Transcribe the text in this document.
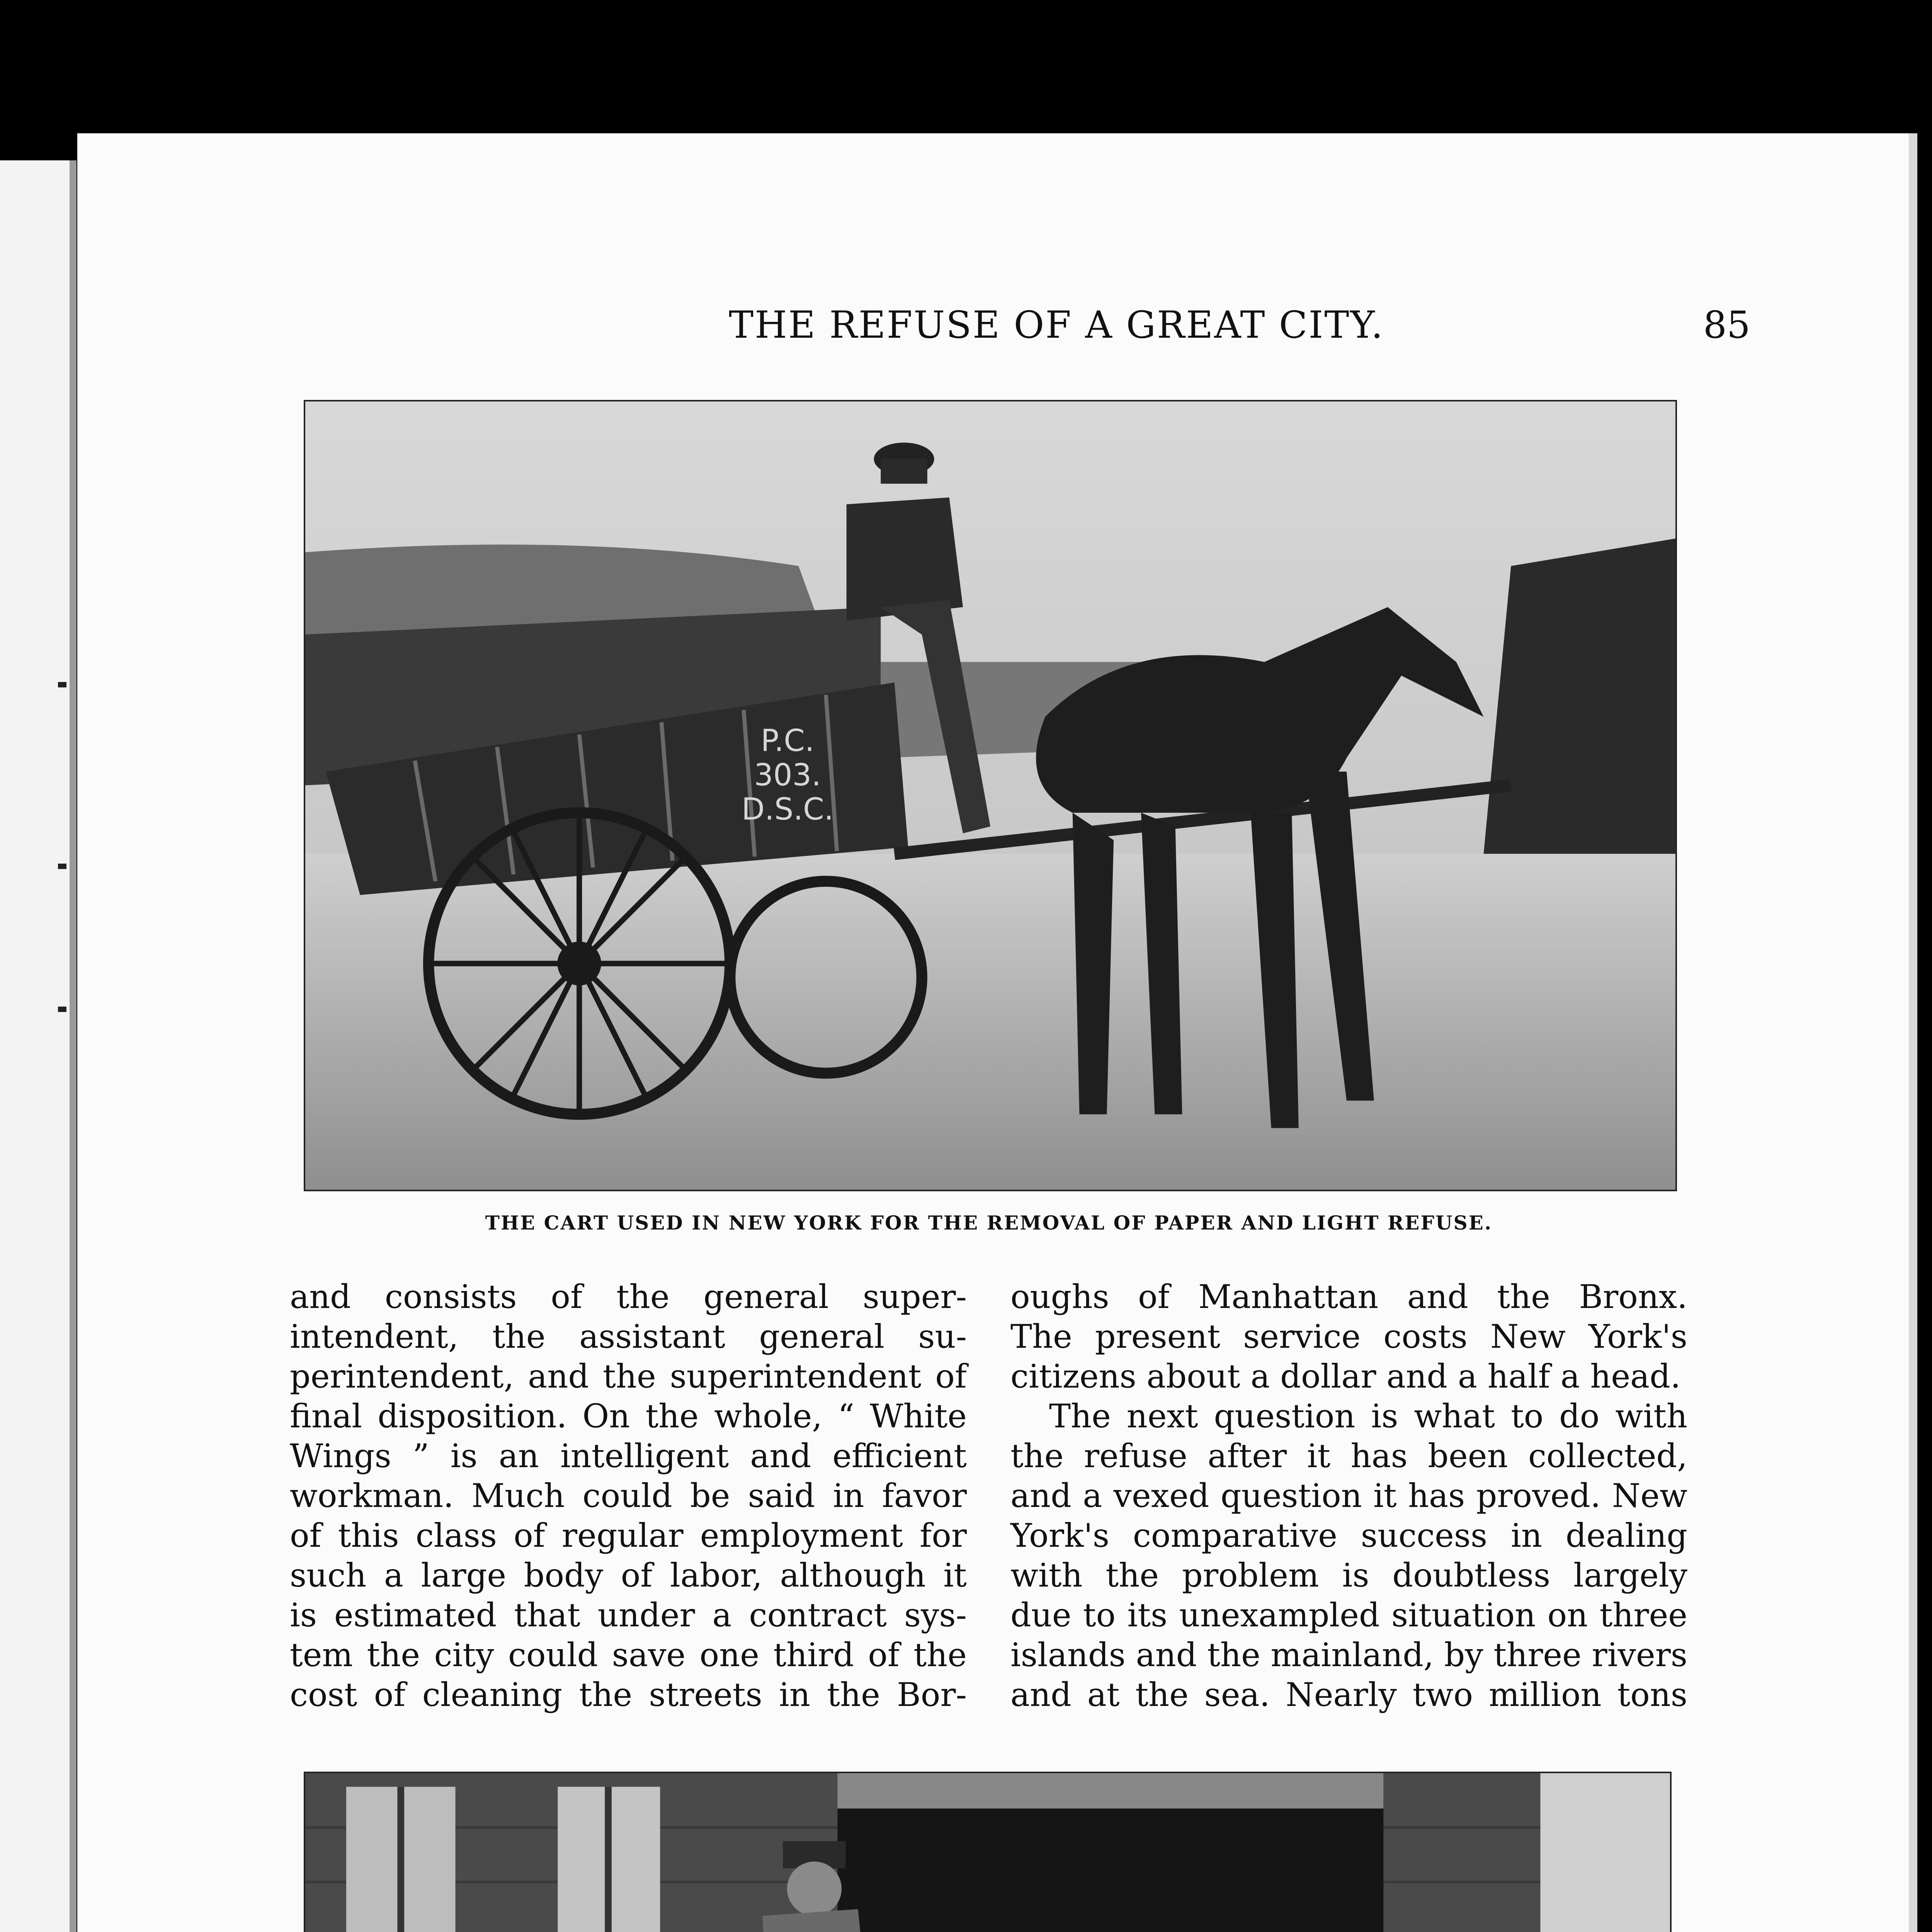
THE REFUSE OF A GREAT CITY.	85
P.C.
303.
D.S.C.
THE CART USED IN NEW YORK FOR THE REMOVAL OF PAPER AND LIGHT REFUSE.

and consists of the general super-

intendent, the assistant general su-

perintendent, and the superintendent of

final disposition. On the whole, “ White

Wings ” is an intelligent and efficient

workman. Much could be said in favor

of this class of regular employment for

such a large body of labor, although it

is estimated that under a contract sys-

tem the city could save one third of the

cost of cleaning the streets in the Bor-

oughs of Manhattan and the Bronx.

The present service costs New York's

citizens about a dollar and a half a head.

The next question is what to do with

the refuse after it has been collected,

and a vexed question it has proved. New

York's comparative success in dealing

with the problem is doubtless largely

due to its unexampled situation on three

islands and the mainland, by three rivers

and at the sea. Nearly two million tons
